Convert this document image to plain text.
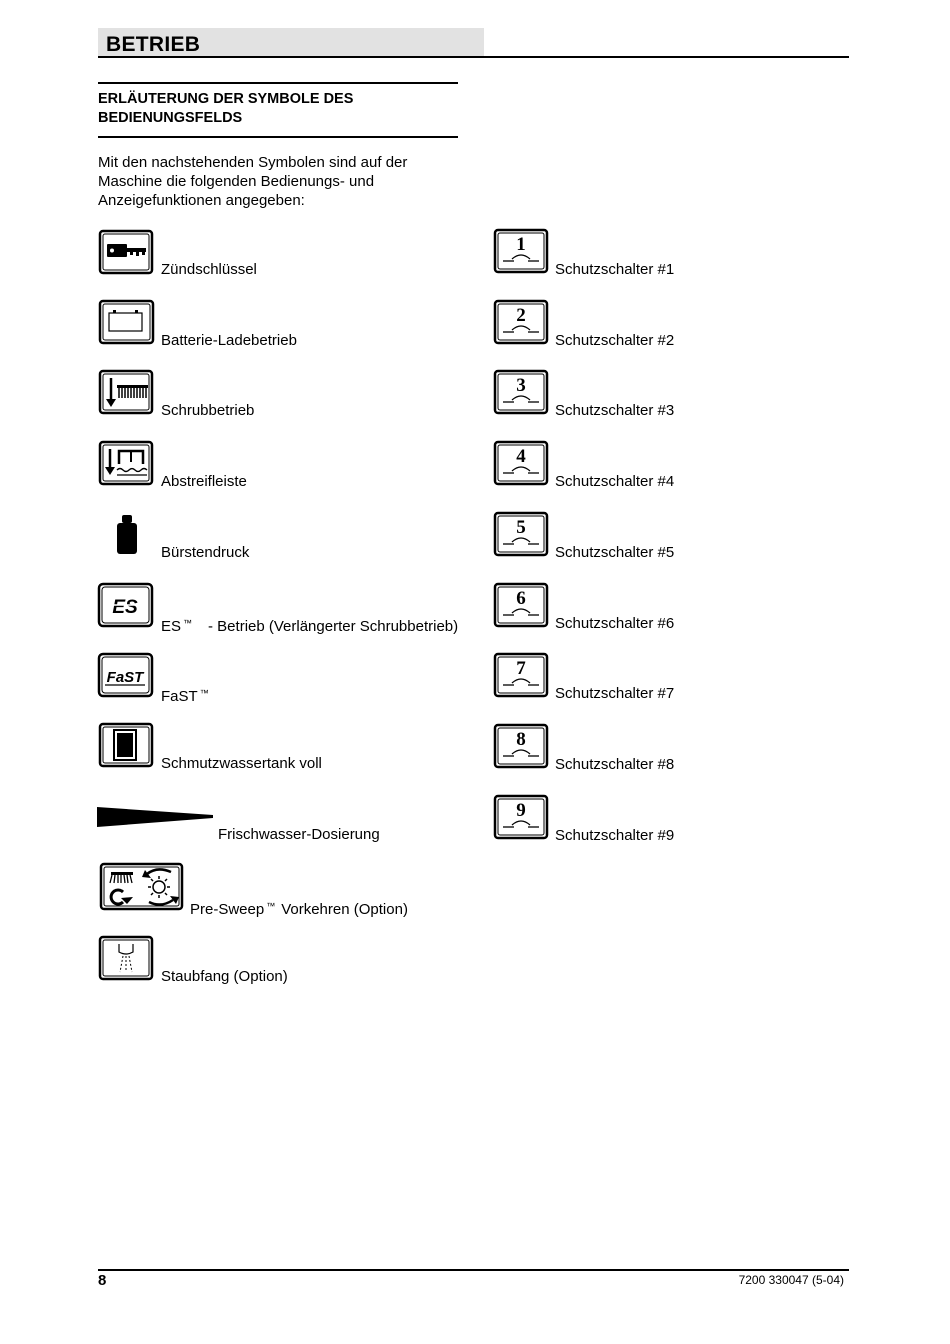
BETRIEB
ERLÄUTERUNG DER SYMBOLE DES
BEDIENUNGSFELDS
Mit den nachstehenden Symbolen sind auf der
Maschine die folgenden Bedienungs- und
Anzeigefunktionen angegeben:
Zündschlüssel
Batterie-Ladebetrieb
Schrubbetrieb
Abstreifleiste
Bürstendruck
ES
ES ™ - Betrieb (Verlängerter Schrubbetrieb)
FaST
FaST ™
Schmutzwassertank voll
Frischwasser-Dosierung
Pre-Sweep ™ Vorkehren (Option)
Staubfang (Option)
1
Schutzschalter #1
2
Schutzschalter #2
3
Schutzschalter #3
4
Schutzschalter #4
5
Schutzschalter #5
6
Schutzschalter #6
7
Schutzschalter #7
8
Schutzschalter #8
9
Schutzschalter #9
8	7200 330047 (5-04)
